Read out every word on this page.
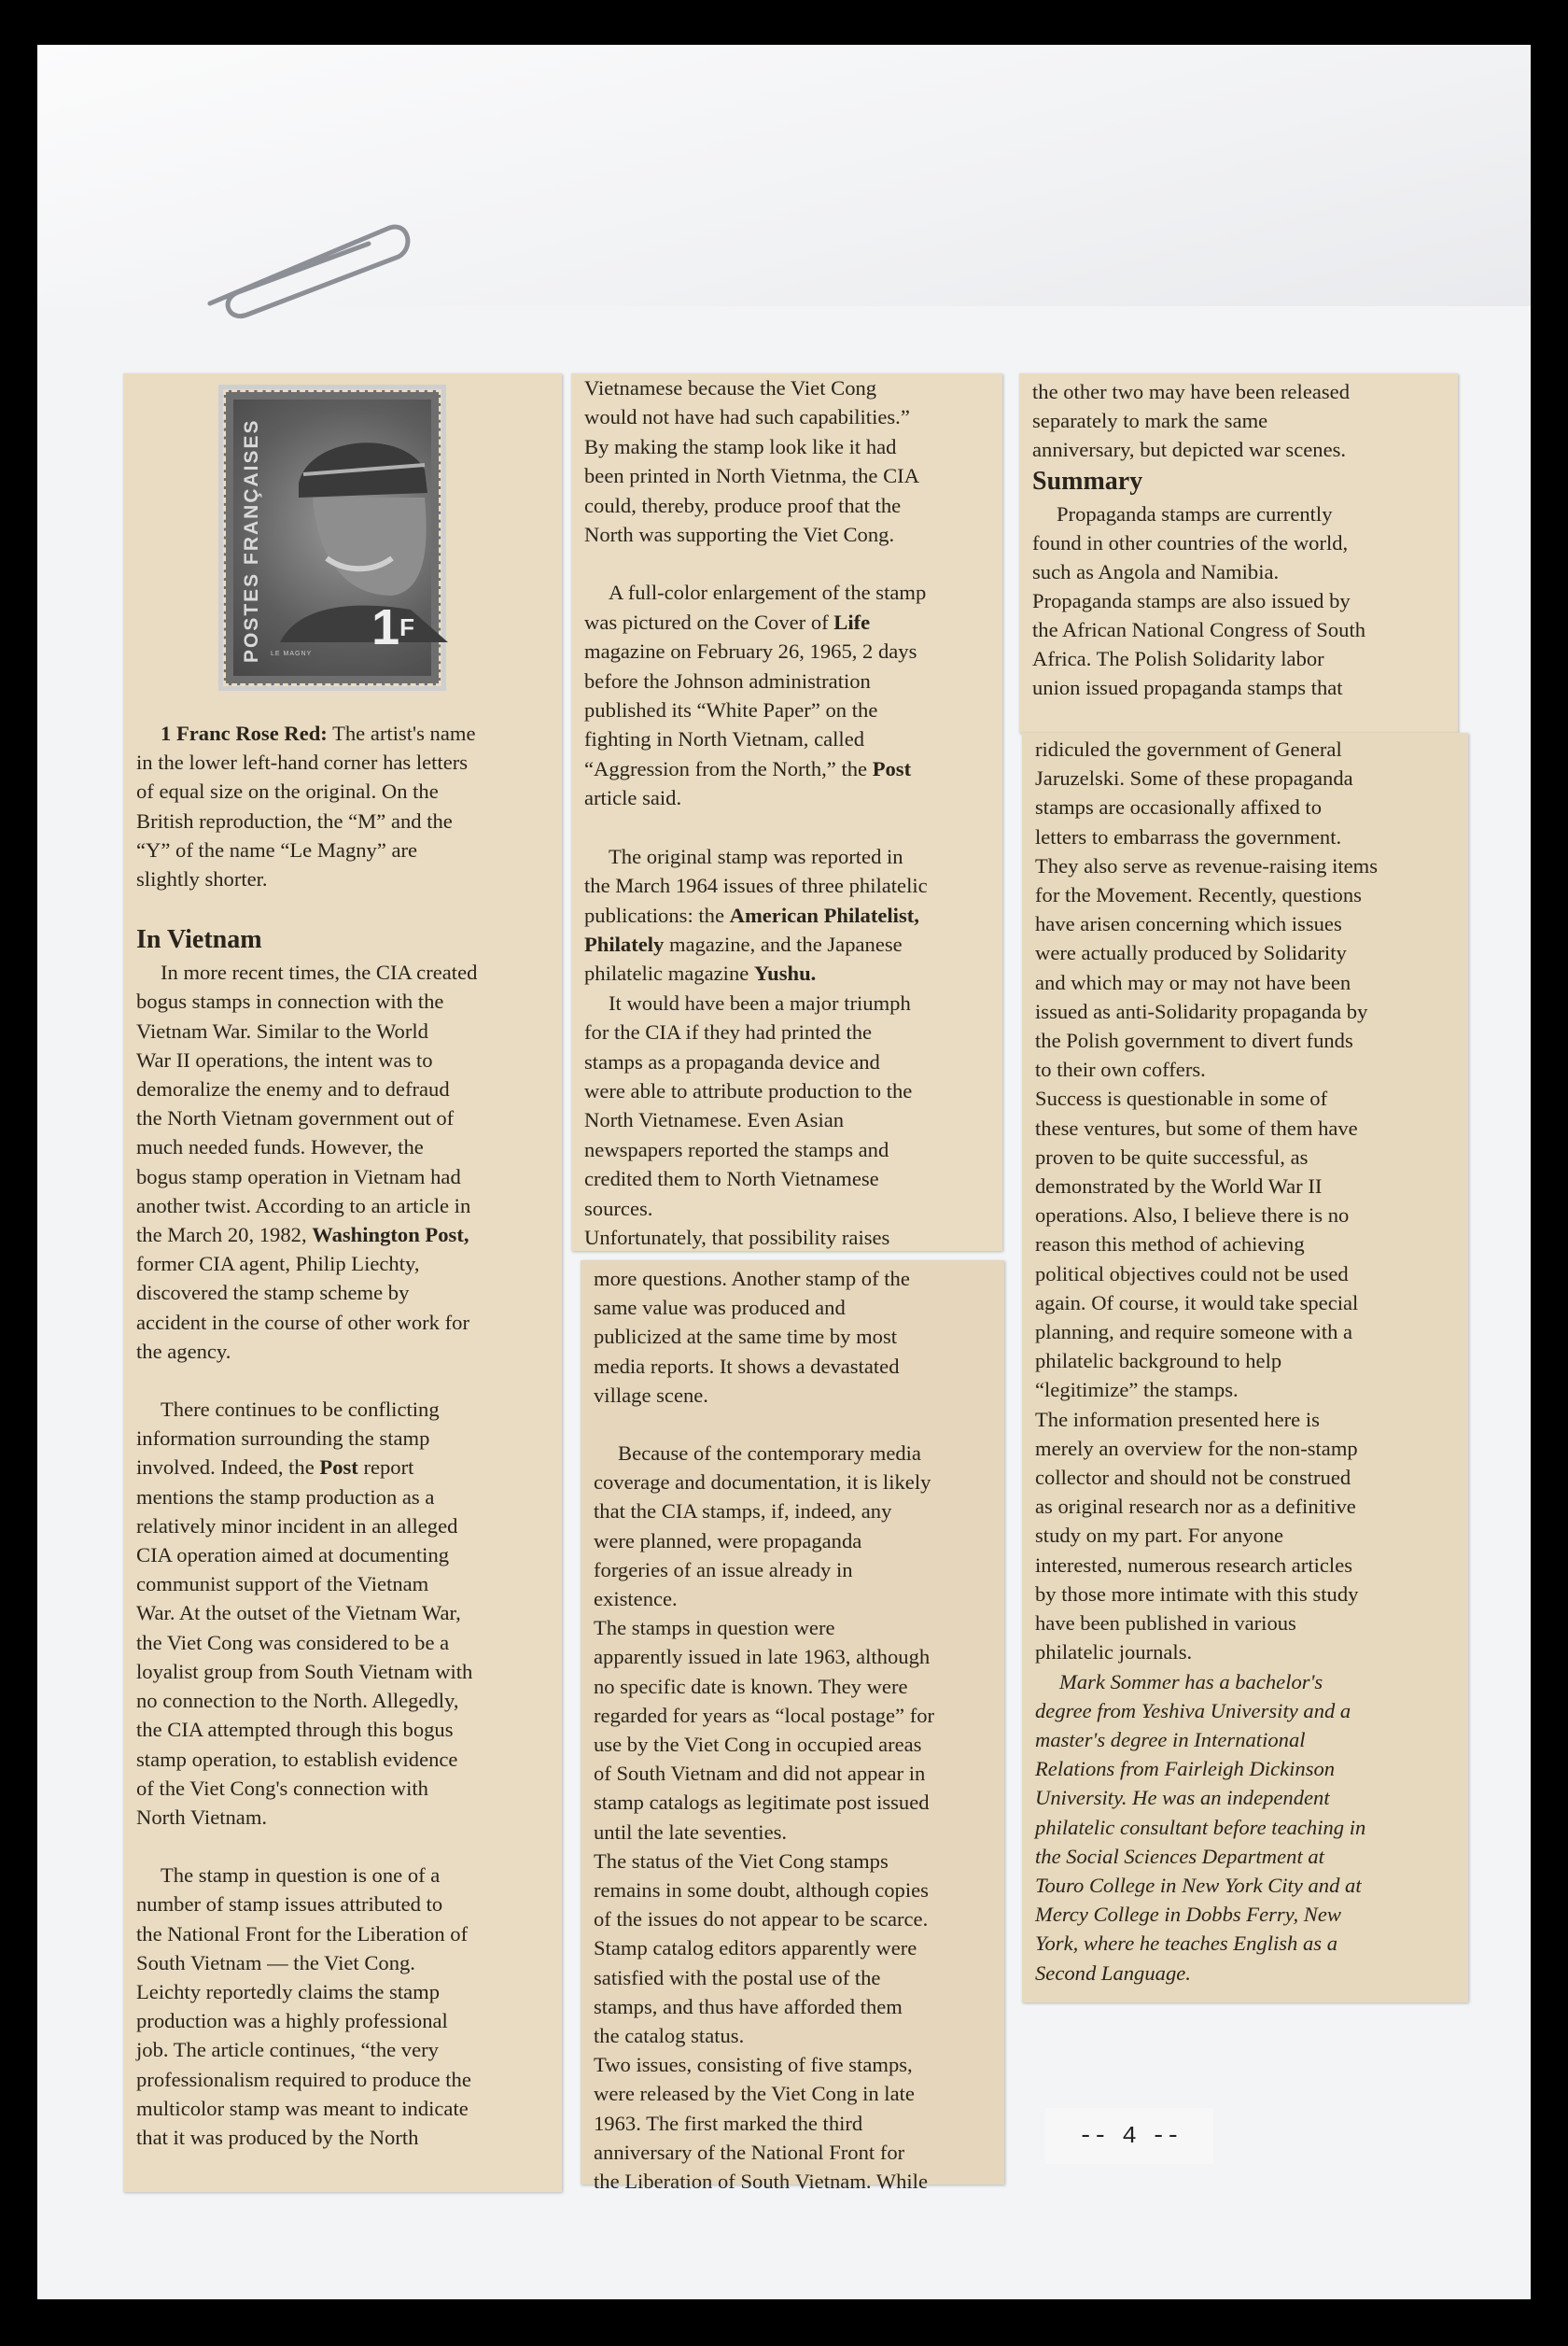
POSTES FRANÇAISES $1^F$
LE MAGNY

1 Franc Rose Red: The artist's name
in the lower left-hand corner has letters
of equal size on the original. On the
British reproduction, the “M” and the
“Y” of the name “Le Magny” are
slightly shorter.

In Vietnam

In more recent times, the CIA created
bogus stamps in connection with the
Vietnam War. Similar to the World
War II operations, the intent was to
demoralize the enemy and to defraud
the North Vietnam government out of
much needed funds. However, the
bogus stamp operation in Vietnam had
another twist. According to an article in
the March 20, 1982, Washington Post,
former CIA agent, Philip Liechty,
discovered the stamp scheme by
accident in the course of other work for
the agency.

There continues to be conflicting
information surrounding the stamp
involved. Indeed, the Post report
mentions the stamp production as a
relatively minor incident in an alleged
CIA operation aimed at documenting
communist support of the Vietnam
War. At the outset of the Vietnam War,
the Viet Cong was considered to be a
loyalist group from South Vietnam with
no connection to the North. Allegedly,
the CIA attempted through this bogus
stamp operation, to establish evidence
of the Viet Cong's connection with
North Vietnam.

The stamp in question is one of a
number of stamp issues attributed to
the National Front for the Liberation of
South Vietnam — the Viet Cong.
Leichty reportedly claims the stamp
production was a highly professional
job. The article continues, “the very
professionalism required to produce the
multicolor stamp was meant to indicate
that it was produced by the North

Vietnamese because the Viet Cong
would not have had such capabilities.”
By making the stamp look like it had
been printed in North Vietnma, the CIA
could, thereby, produce proof that the
North was supporting the Viet Cong.

A full-color enlargement of the stamp
was pictured on the Cover of Life
magazine on February 26, 1965, 2 days
before the Johnson administration
published its “White Paper” on the
fighting in North Vietnam, called
“Aggression from the North,” the Post
article said.

The original stamp was reported in
the March 1964 issues of three philatelic
publications: the American Philatelist,
Philately magazine, and the Japanese
philatelic magazine Yushu.

It would have been a major triumph
for the CIA if they had printed the
stamps as a propaganda device and
were able to attribute production to the
North Vietnamese. Even Asian
newspapers reported the stamps and
credited them to North Vietnamese
sources.
Unfortunately, that possibility raises

more questions. Another stamp of the
same value was produced and
publicized at the same time by most
media reports. It shows a devastated
village scene.

Because of the contemporary media
coverage and documentation, it is likely
that the CIA stamps, if, indeed, any
were planned, were propaganda
forgeries of an issue already in
existence.
The stamps in question were
apparently issued in late 1963, although
no specific date is known. They were
regarded for years as “local postage” for
use by the Viet Cong in occupied areas
of South Vietnam and did not appear in
stamp catalogs as legitimate post issued
until the late seventies.
The status of the Viet Cong stamps
remains in some doubt, although copies
of the issues do not appear to be scarce.
Stamp catalog editors apparently were
satisfied with the postal use of the
stamps, and thus have afforded them
the catalog status.
Two issues, consisting of five stamps,
were released by the Viet Cong in late
1963. The first marked the third
anniversary of the National Front for
the Liberation of South Vietnam. While

the other two may have been released
separately to mark the same
anniversary, but depicted war scenes.

Summary

Propaganda stamps are currently
found in other countries of the world,
such as Angola and Namibia.
Propaganda stamps are also issued by
the African National Congress of South
Africa. The Polish Solidarity labor
union issued propaganda stamps that

ridiculed the government of General
Jaruzelski. Some of these propaganda
stamps are occasionally affixed to
letters to embarrass the government.
They also serve as revenue-raising items
for the Movement. Recently, questions
have arisen concerning which issues
were actually produced by Solidarity
and which may or may not have been
issued as anti-Solidarity propaganda by
the Polish government to divert funds
to their own coffers.
Success is questionable in some of
these ventures, but some of them have
proven to be quite successful, as
demonstrated by the World War II
operations. Also, I believe there is no
reason this method of achieving
political objectives could not be used
again. Of course, it would take special
planning, and require someone with a
philatelic background to help
“legitimize” the stamps.
The information presented here is
merely an overview for the non-stamp
collector and should not be construed
as original research nor as a definitive
study on my part. For anyone
interested, numerous research articles
by those more intimate with this study
have been published in various
philatelic journals.

Mark Sommer has a bachelor's
degree from Yeshiva University and a
master's degree in International
Relations from Fairleigh Dickinson
University. He was an independent
philatelic consultant before teaching in
the Social Sciences Department at
Touro College in New York City and at
Mercy College in Dobbs Ferry, New
York, where he teaches English as a
Second Language.

-- 4 --
